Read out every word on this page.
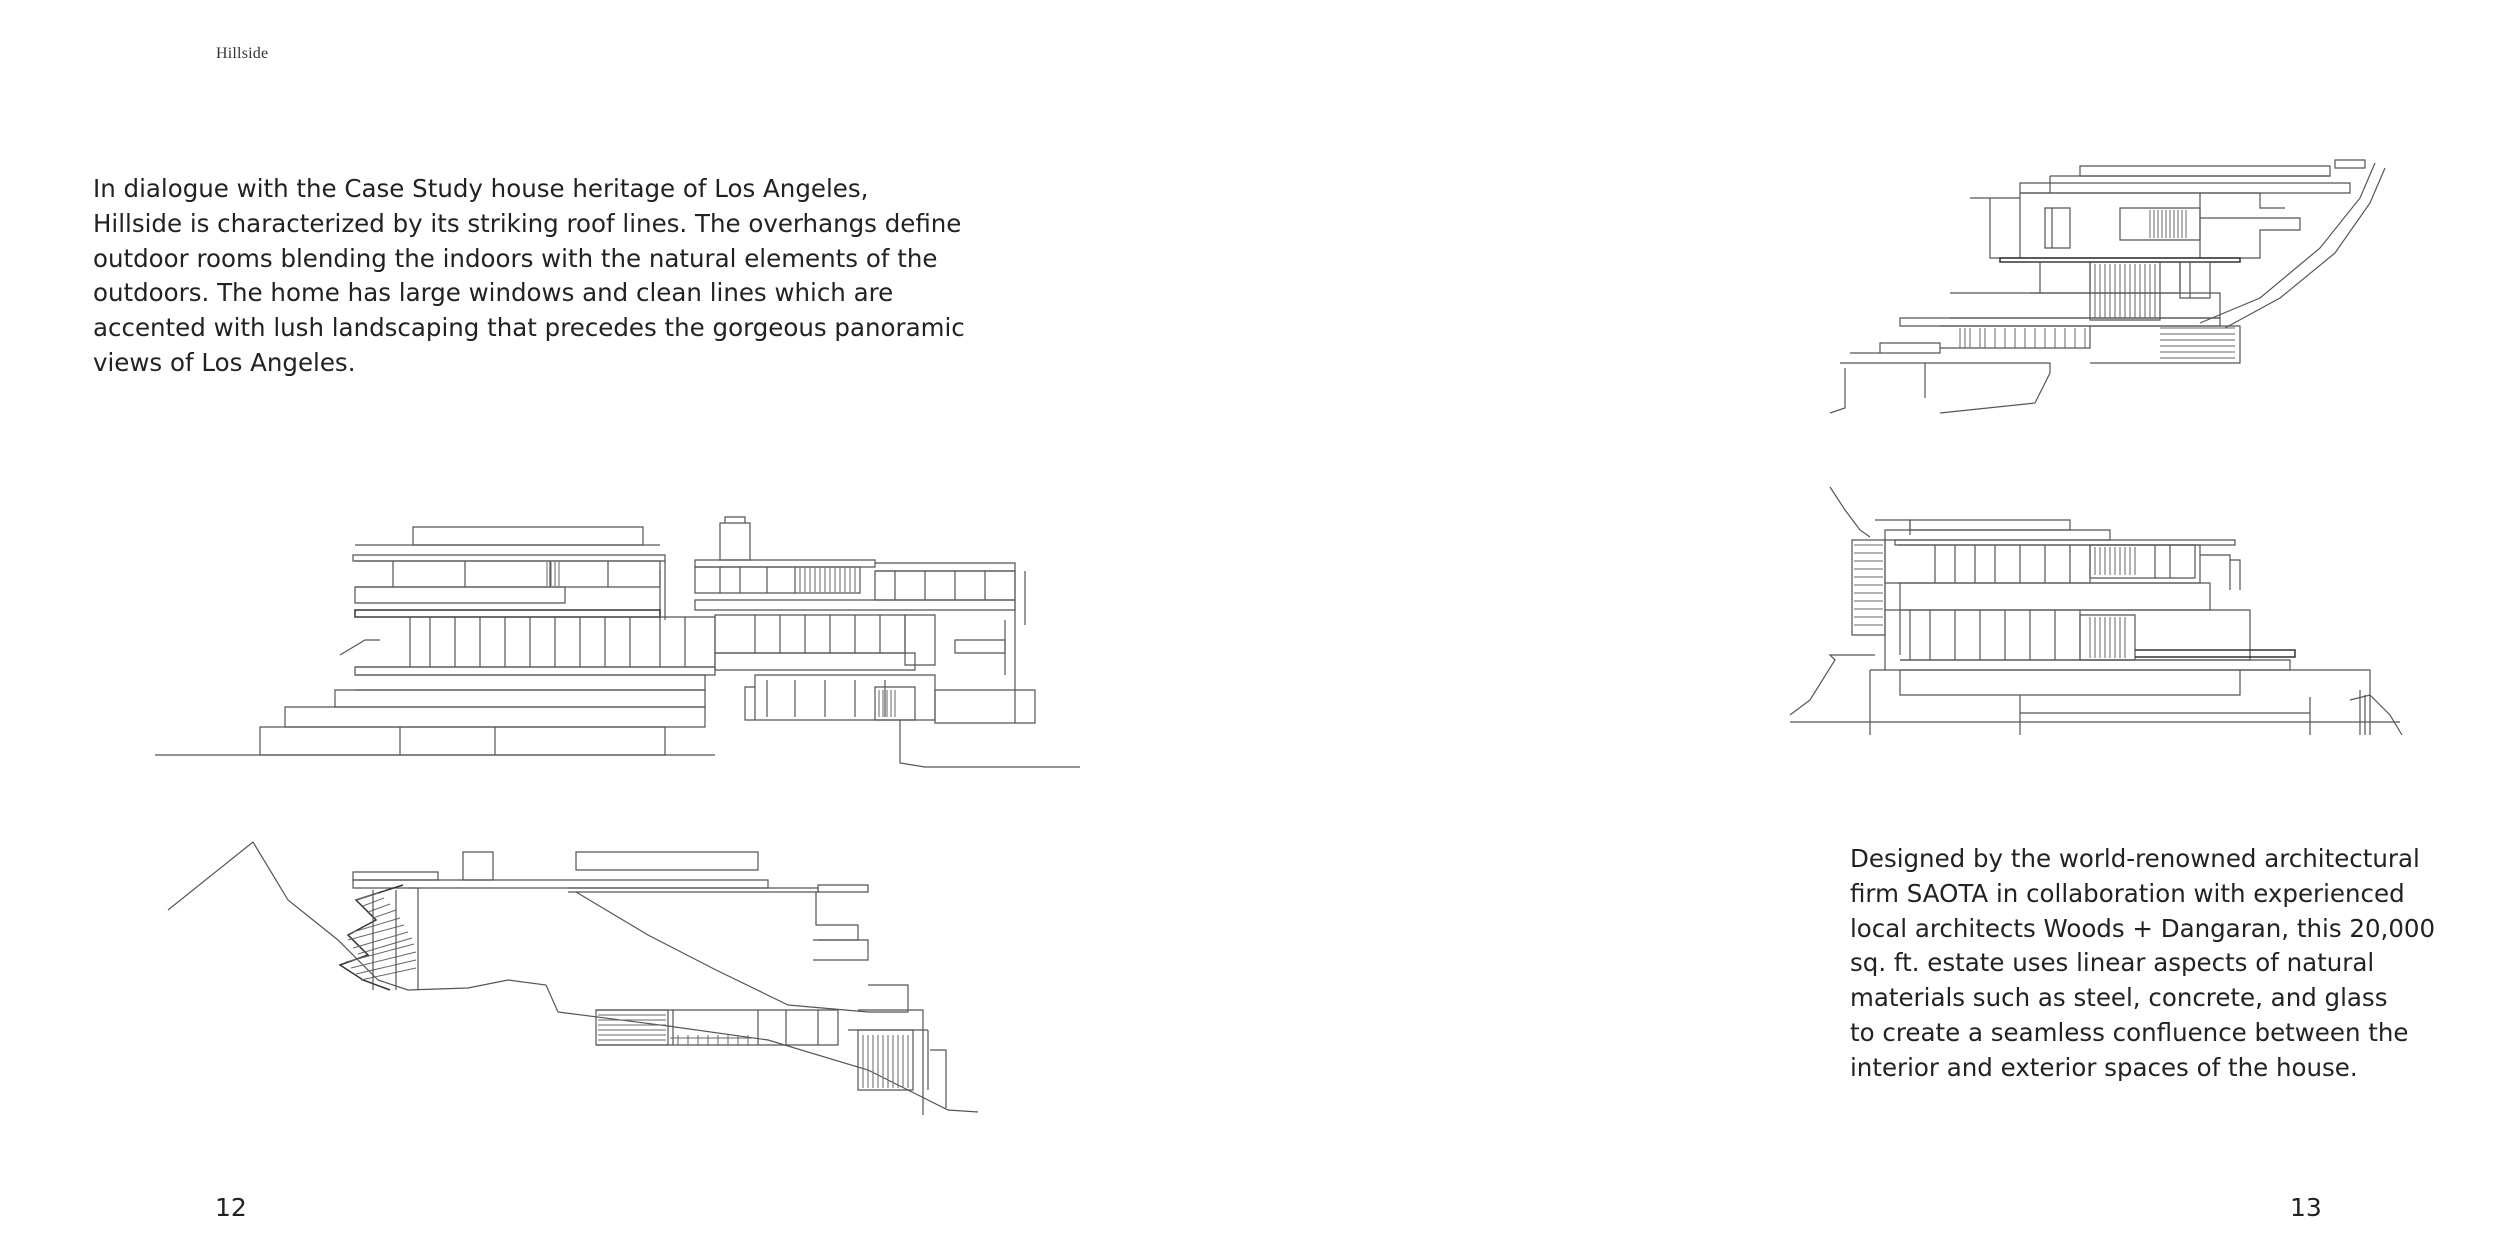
Hillside

In dialogue with the Case Study house heritage of Los Angeles,
Hillside is characterized by its striking roof lines. The overhangs define
outdoor rooms blending the indoors with the natural elements of the
outdoors. The home has large windows and clean lines which are
accented with lush landscaping that precedes the gorgeous panoramic
views of Los Angeles.

Designed by the world-renowned architectural
firm SAOTA in collaboration with experienced
local architects Woods + Dangaran, this 20,000
sq. ft. estate uses linear aspects of natural
materials such as steel, concrete, and glass
to create a seamless confluence between the
interior and exterior spaces of the house.

12	13
